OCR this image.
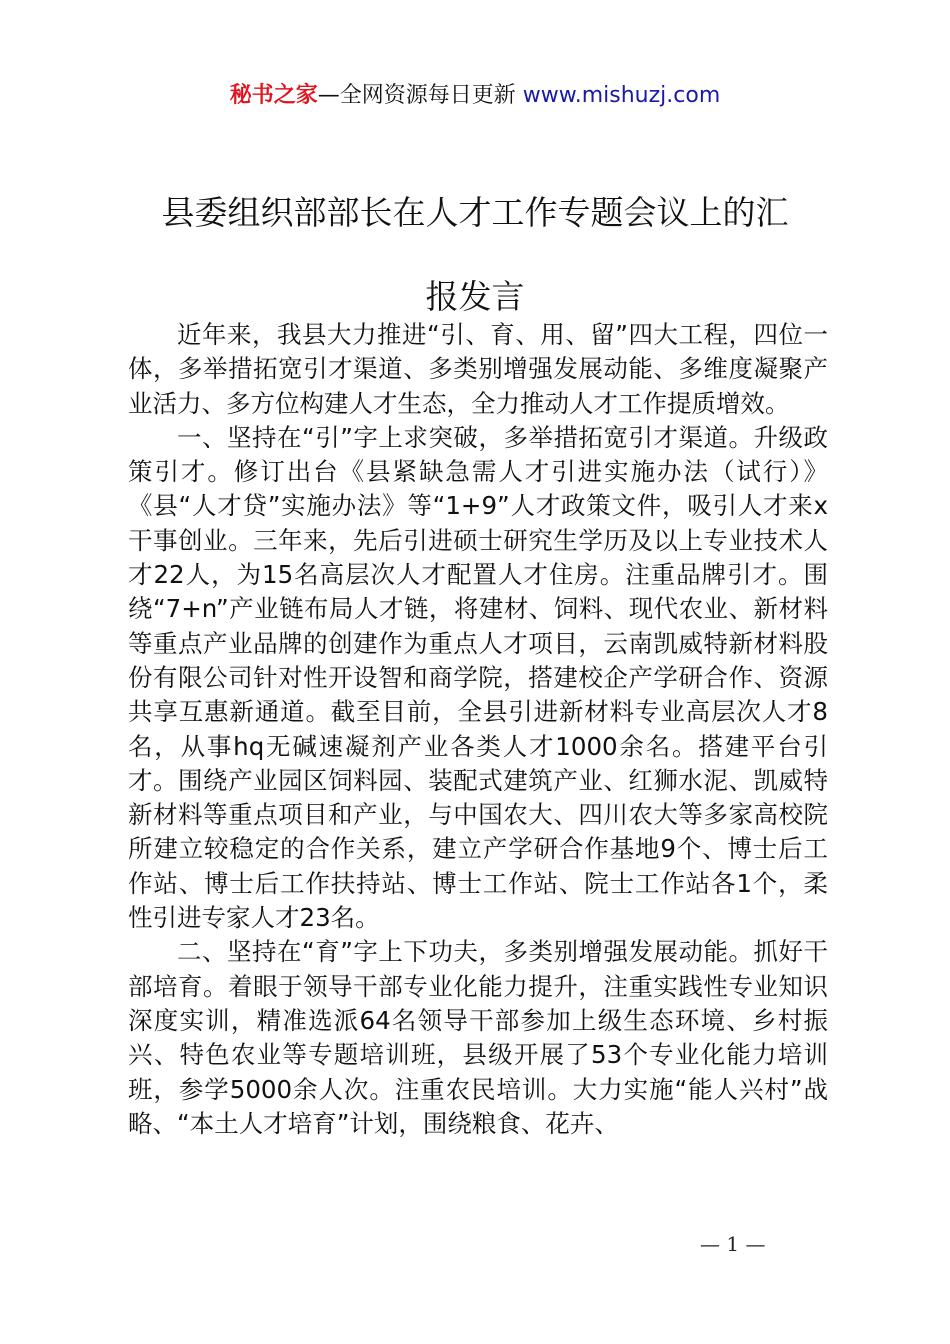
秘书之家—全网资源每日更新 www.mishuzj.com
县委组织部部长在人才工作专题会议上的汇
报发言

近年来，我县大力推进“引、育、用、留”四大工程，四位一体，多举措拓宽引才渠道、多类别增强发展动能、多维度凝聚产业活力、多方位构建人才生态，全力推动人才工作提质增效。

一、坚持在“引”字上求突破，多举措拓宽引才渠道。升级政策引才。修订出台《县紧缺急需人才引进实施办法（试行）》《县“人才贷”实施办法》等“1+9”人才政策文件，吸引人才来x干事创业。三年来，先后引进硕士研究生学历及以上专业技术人才22人，为15名高层次人才配置人才住房。注重品牌引才。围绕“7+n”产业链布局人才链，将建材、饲料、现代农业、新材料等重点产业品牌的创建作为重点人才项目，云南凯威特新材料股份有限公司针对性开设智和商学院，搭建校企产学研合作、资源共享互惠新通道。截至目前，全县引进新材料专业高层次人才8名，从事hq无碱速凝剂产业各类人才1000余名。搭建平台引才。围绕产业园区饲料园、装配式建筑产业、红狮水泥、凯威特新材料等重点项目和产业，与中国农大、四川农大等多家高校院所建立较稳定的合作关系，建立产学研合作基地9个、博士后工作站、博士后工作扶持站、博士工作站、院士工作站各1个，柔性引进专家人才23名。

二、坚持在“育”字上下功夫，多类别增强发展动能。抓好干部培育。着眼于领导干部专业化能力提升，注重实践性专业知识深度实训，精准选派64名领导干部参加上级生态环境、乡村振兴、特色农业等专题培训班，县级开展了53个专业化能力培训班，参学5000余人次。注重农民培训。大力实施“能人兴村”战略、“本土人才培育”计划，围绕粮食、花卉、

— 1 —
